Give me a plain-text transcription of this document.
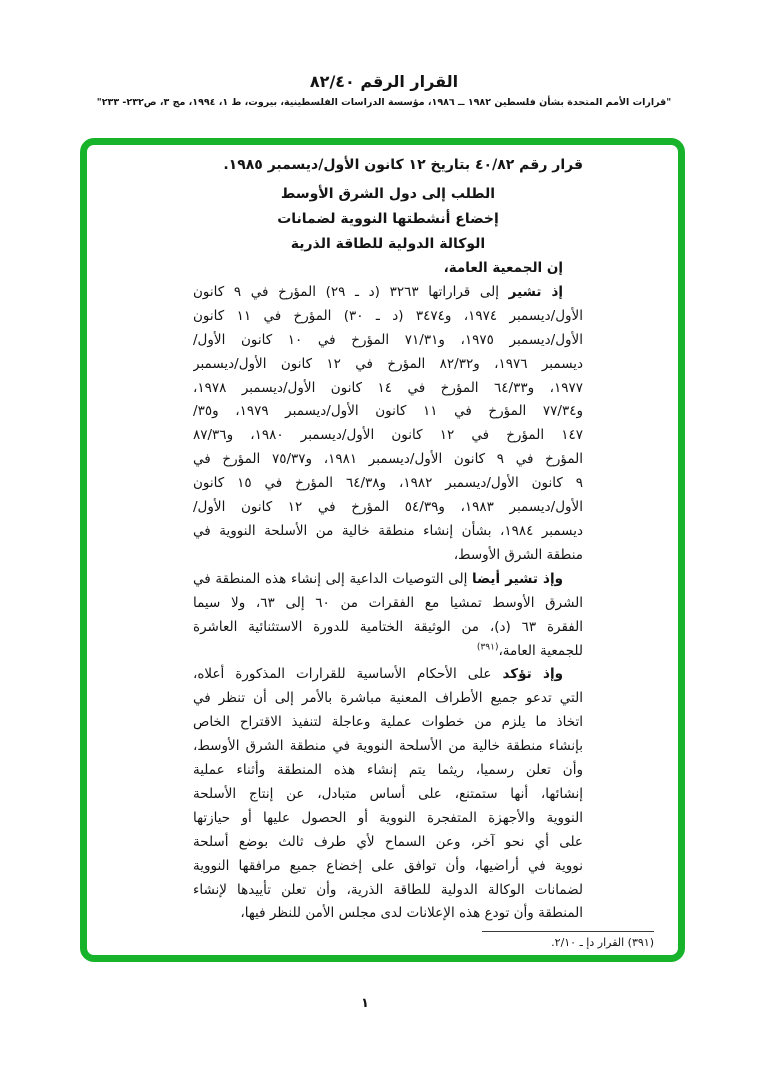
القرار الرقم ٨٢/٤٠
"قرارات الأمم المتحدة بشأن فلسطين ١٩٨٢ ــ ١٩٨٦، مؤسسة الدراسات الفلسطينية، بيروت، ط ١، ١٩٩٤، مج ٣، ص٢٣٢- ٢٣٣"
قرار رقم ٤٠/٨٢ بتاريخ ١٢ كانون الأول/ديسمبر ١٩٨٥.
الطلب إلى دول الشرق الأوسط
إخضاع أنشطتها النووية لضمانات
الوكالة الدولية للطاقة الذرية
إن الجمعية العامة،
إذ تشير إلى قراراتها ٣٢٦٣ (د ـ ٢٩) المؤرخ في ٩ كانون
الأول/ديسمبر ١٩٧٤، و٣٤٧٤ (د ـ ٣٠) المؤرخ في ١١ كانون
الأول/ديسمبر ١٩٧٥، و٧١/٣١ المؤرخ في ١٠ كانون الأول/
ديسمبر ١٩٧٦، و٨٢/٣٢ المؤرخ في ١٢ كانون الأول/ديسمبر
١٩٧٧، و٦٤/٣٣ المؤرخ في ١٤ كانون الأول/ديسمبر ١٩٧٨،
و٧٧/٣٤ المؤرخ في ١١ كانون الأول/ديسمبر ١٩٧٩، و٣٥/
١٤٧ المؤرخ في ١٢ كانون الأول/ديسمبر ١٩٨٠، و٨٧/٣٦
المؤرخ في ٩ كانون الأول/ديسمبر ١٩٨١، و٧٥/٣٧ المؤرخ في
٩ كانون الأول/ديسمبر ١٩٨٢، و٦٤/٣٨ المؤرخ في ١٥ كانون
الأول/ديسمبر ١٩٨٣، و٥٤/٣٩ المؤرخ في ١٢ كانون الأول/
ديسمبر ١٩٨٤، بشأن إنشاء منطقة خالية من الأسلحة النووية في
منطقة الشرق الأوسط،
وإذ تشير أيضا إلى التوصيات الداعية إلى إنشاء هذه المنطقة في
الشرق الأوسط تمشيا مع الفقرات من ٦٠ إلى ٦٣، ولا سيما
الفقرة ٦٣ (د)، من الوثيقة الختامية للدورة الاستثنائية العاشرة
للجمعية العامة،$^{(٣٩١)}$
وإذ تؤكد على الأحكام الأساسية للقرارات المذكورة أعلاه،
التي تدعو جميع الأطراف المعنية مباشرة بالأمر إلى أن تنظر في
اتخاذ ما يلزم من خطوات عملية وعاجلة لتنفيذ الاقتراح الخاص
بإنشاء منطقة خالية من الأسلحة النووية في منطقة الشرق الأوسط،
وأن تعلن رسميا، ريثما يتم إنشاء هذه المنطقة وأثناء عملية
إنشائها، أنها ستمتنع، على أساس متبادل، عن إنتاج الأسلحة
النووية والأجهزة المتفجرة النووية أو الحصول عليها أو حيازتها
على أي نحو آخر، وعن السماح لأي طرف ثالث بوضع أسلحة
نووية في أراضيها، وأن توافق على إخضاع جميع مرافقها النووية
لضمانات الوكالة الدولية للطاقة الذرية، وأن تعلن تأييدها لإنشاء
المنطقة وأن تودع هذه الإعلانات لدى مجلس الأمن للنظر فيها،
(٣٩١) القرار دإ ـ ٢/١٠.
١
